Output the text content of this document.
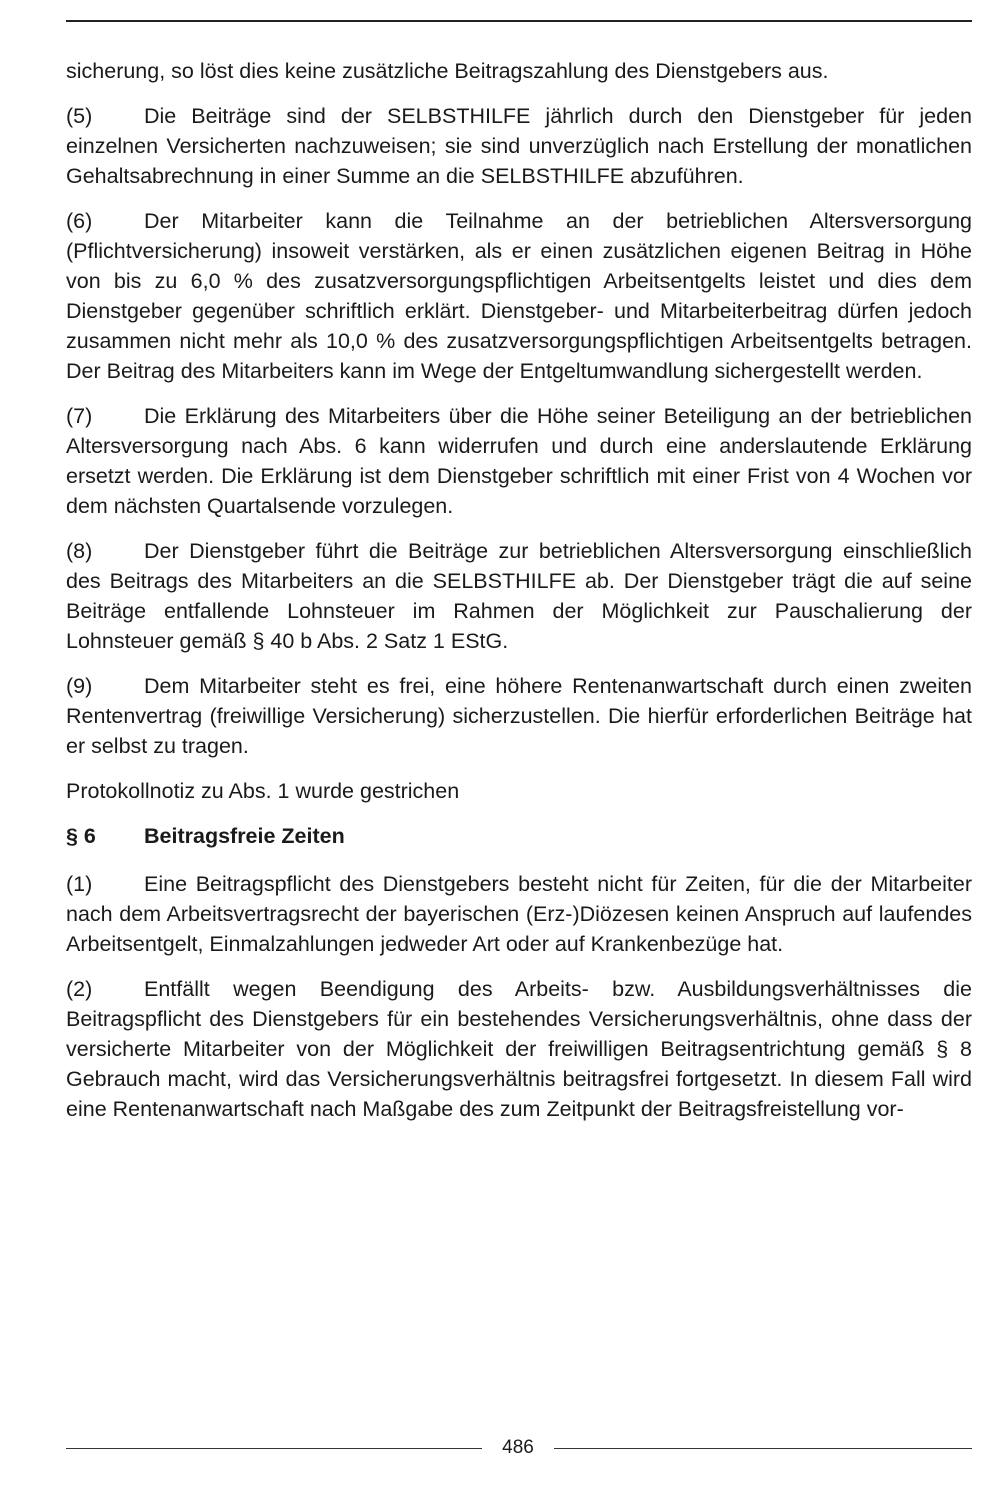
sicherung, so löst dies keine zusätzliche Beitragszahlung des Dienstgebers aus.

(5) Die Beiträge sind der SELBSTHILFE jährlich durch den Dienstgeber für jeden einzelnen Versicherten nachzuweisen; sie sind unverzüglich nach Erstellung der monatlichen Gehaltsabrechnung in einer Summe an die SELBSTHILFE abzuführen.

(6) Der Mitarbeiter kann die Teilnahme an der betrieblichen Altersversorgung (Pflichtversicherung) insoweit verstärken, als er einen zusätzlichen eigenen Beitrag in Höhe von bis zu 6,0 % des zusatzversorgungspflichtigen Arbeitsentgelts leistet und dies dem Dienstgeber gegenüber schriftlich erklärt. Dienstgeber- und Mitarbeiterbeitrag dürfen jedoch zusammen nicht mehr als 10,0 % des zusatzversorgungspflichtigen Arbeitsentgelts betragen. Der Beitrag des Mitarbeiters kann im Wege der Entgeltumwandlung sichergestellt werden.

(7) Die Erklärung des Mitarbeiters über die Höhe seiner Beteiligung an der betrieblichen Altersversorgung nach Abs. 6 kann widerrufen und durch eine anderslautende Erklärung ersetzt werden. Die Erklärung ist dem Dienstgeber schriftlich mit einer Frist von 4 Wochen vor dem nächsten Quartalsende vorzulegen.

(8) Der Dienstgeber führt die Beiträge zur betrieblichen Altersversorgung einschließlich des Beitrags des Mitarbeiters an die SELBSTHILFE ab. Der Dienstgeber trägt die auf seine Beiträge entfallende Lohnsteuer im Rahmen der Möglichkeit zur Pauschalierung der Lohnsteuer gemäß § 40 b Abs. 2 Satz 1 EStG.

(9) Dem Mitarbeiter steht es frei, eine höhere Rentenanwartschaft durch einen zweiten Rentenvertrag (freiwillige Versicherung) sicherzustellen. Die hierfür erforderlichen Beiträge hat er selbst zu tragen.

Protokollnotiz zu Abs. 1 wurde gestrichen

§ 6 Beitragsfreie Zeiten

(1) Eine Beitragspflicht des Dienstgebers besteht nicht für Zeiten, für die der Mitarbeiter nach dem Arbeitsvertragsrecht der bayerischen (Erz-)Diözesen keinen Anspruch auf laufendes Arbeitsentgelt, Einmalzahlungen jedweder Art oder auf Krankenbezüge hat.

(2) Entfällt wegen Beendigung des Arbeits- bzw. Ausbildungsverhältnisses die Beitragspflicht des Dienstgebers für ein bestehendes Versicherungsverhältnis, ohne dass der versicherte Mitarbeiter von der Möglichkeit der freiwilligen Beitragsentrichtung gemäß § 8 Gebrauch macht, wird das Versicherungsverhältnis beitragsfrei fortgesetzt. In diesem Fall wird eine Rentenanwartschaft nach Maßgabe des zum Zeitpunkt der Beitragsfreistellung vor-

486
